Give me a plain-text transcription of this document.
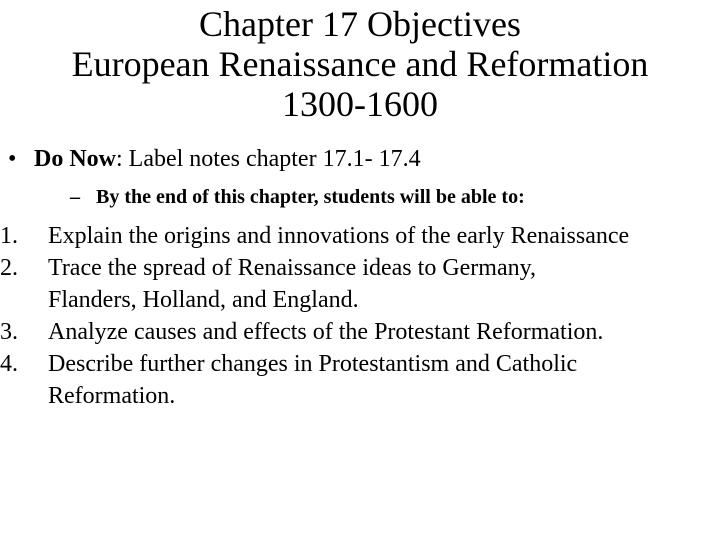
Chapter 17 Objectives
European Renaissance and Reformation
1300-1600
• Do Now: Label notes chapter 17.1- 17.4
– By the end of this chapter, students will be able to:
1.	Explain the origins and innovations of the early Renaissance
2.	Trace the spread of Renaissance ideas to Germany,
Flanders, Holland, and England.
3.	Analyze causes and effects of the Protestant Reformation.
4.	Describe further changes in Protestantism and Catholic
Reformation.
